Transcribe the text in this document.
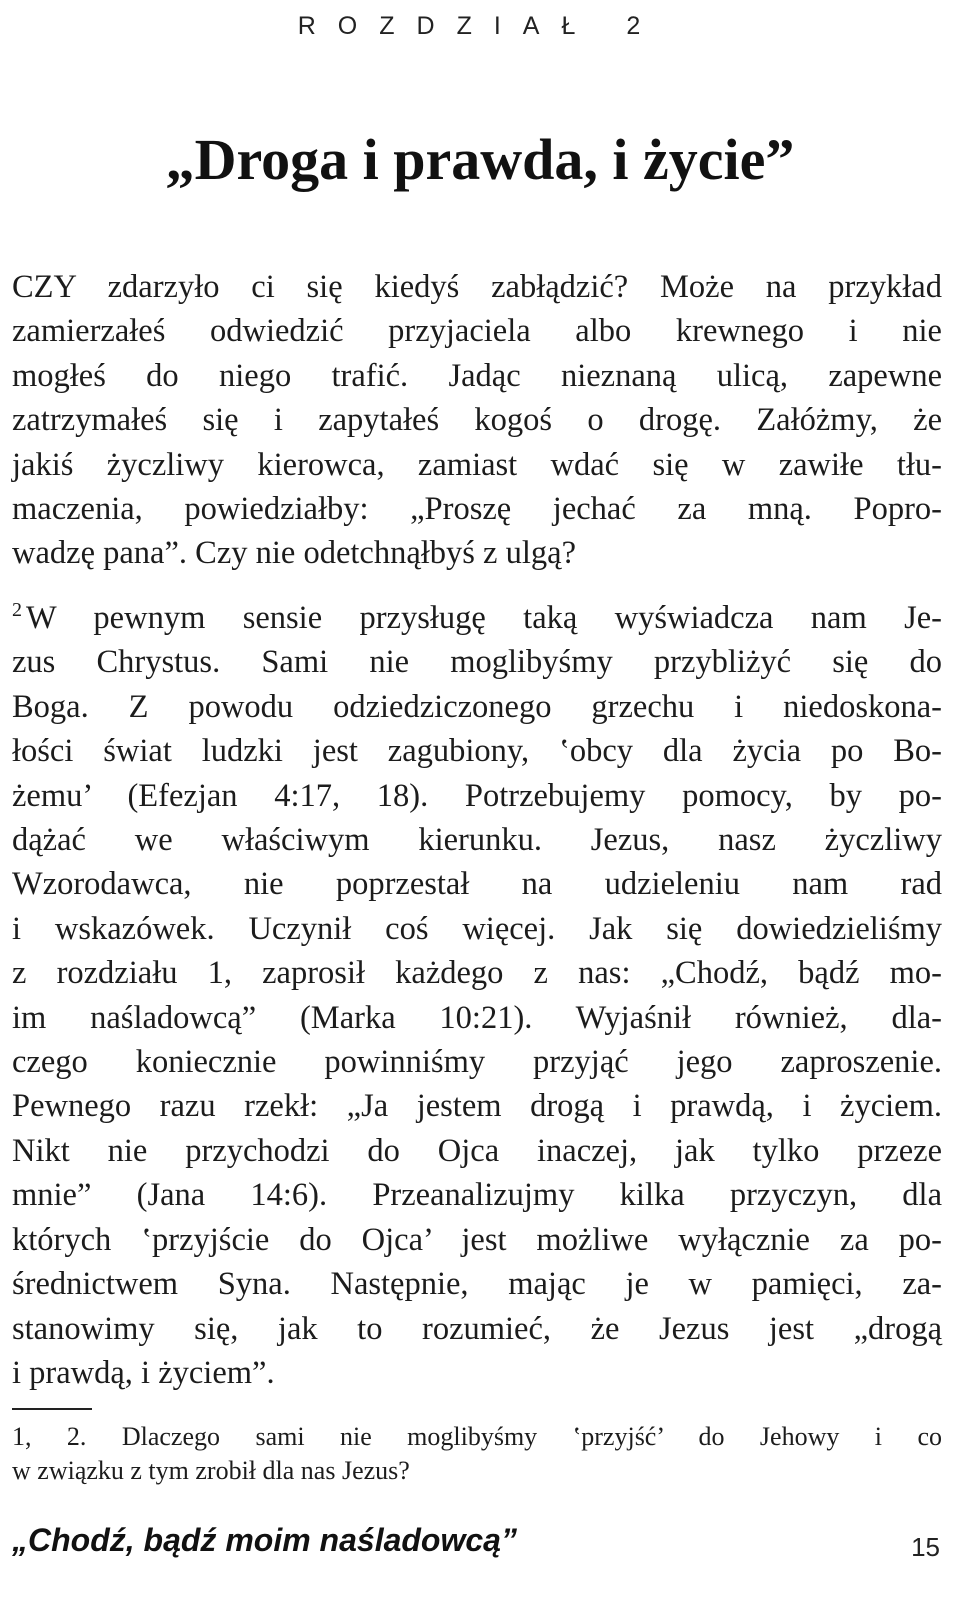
ROZDZIAŁ 2
„Droga i prawda, i życie”
CZY zdarzyło ci się kiedyś zabłądzić? Może na przykład
zamierzałeś odwiedzić przyjaciela albo krewnego i nie
mogłeś do niego trafić. Jadąc nieznaną ulicą, zapewne
zatrzymałeś się i zapytałeś kogoś o drogę. Załóżmy, że
jakiś życzliwy kierowca, zamiast wdać się w zawiłe tłu-
maczenia, powiedziałby: „Proszę jechać za mną. Popro-
wadzę pana”. Czy nie odetchnąłbyś z ulgą?
$^2$ W pewnym sensie przysługę taką wyświadcza nam Je-
zus Chrystus. Sami nie moglibyśmy przybliżyć się do
Boga. Z powodu odziedziczonego grzechu i niedoskona-
łości świat ludzki jest zagubiony, ‛obcy dla życia po Bo-
żemu’ (Efezjan 4:17, 18). Potrzebujemy pomocy, by po-
dążać we właściwym kierunku. Jezus, nasz życzliwy
Wzorodawca, nie poprzestał na udzieleniu nam rad
i wskazówek. Uczynił coś więcej. Jak się dowiedzieliśmy
z rozdziału 1, zaprosił każdego z nas: „Chodź, bądź mo-
im naśladowcą” (Marka 10:21). Wyjaśnił również, dla-
czego koniecznie powinniśmy przyjąć jego zaproszenie.
Pewnego razu rzekł: „Ja jestem drogą i prawdą, i życiem.
Nikt nie przychodzi do Ojca inaczej, jak tylko przeze
mnie” (Jana 14:6). Przeanalizujmy kilka przyczyn, dla
których ‛przyjście do Ojca’ jest możliwe wyłącznie za po-
średnictwem Syna. Następnie, mając je w pamięci, za-
stanowimy się, jak to rozumieć, że Jezus jest „drogą
i prawdą, i życiem”.
1, 2. Dlaczego sami nie moglibyśmy ‛przyjść’ do Jehowy i co
w związku z tym zrobił dla nas Jezus?
„Chodź, bądź moim naśladowcą”	15
